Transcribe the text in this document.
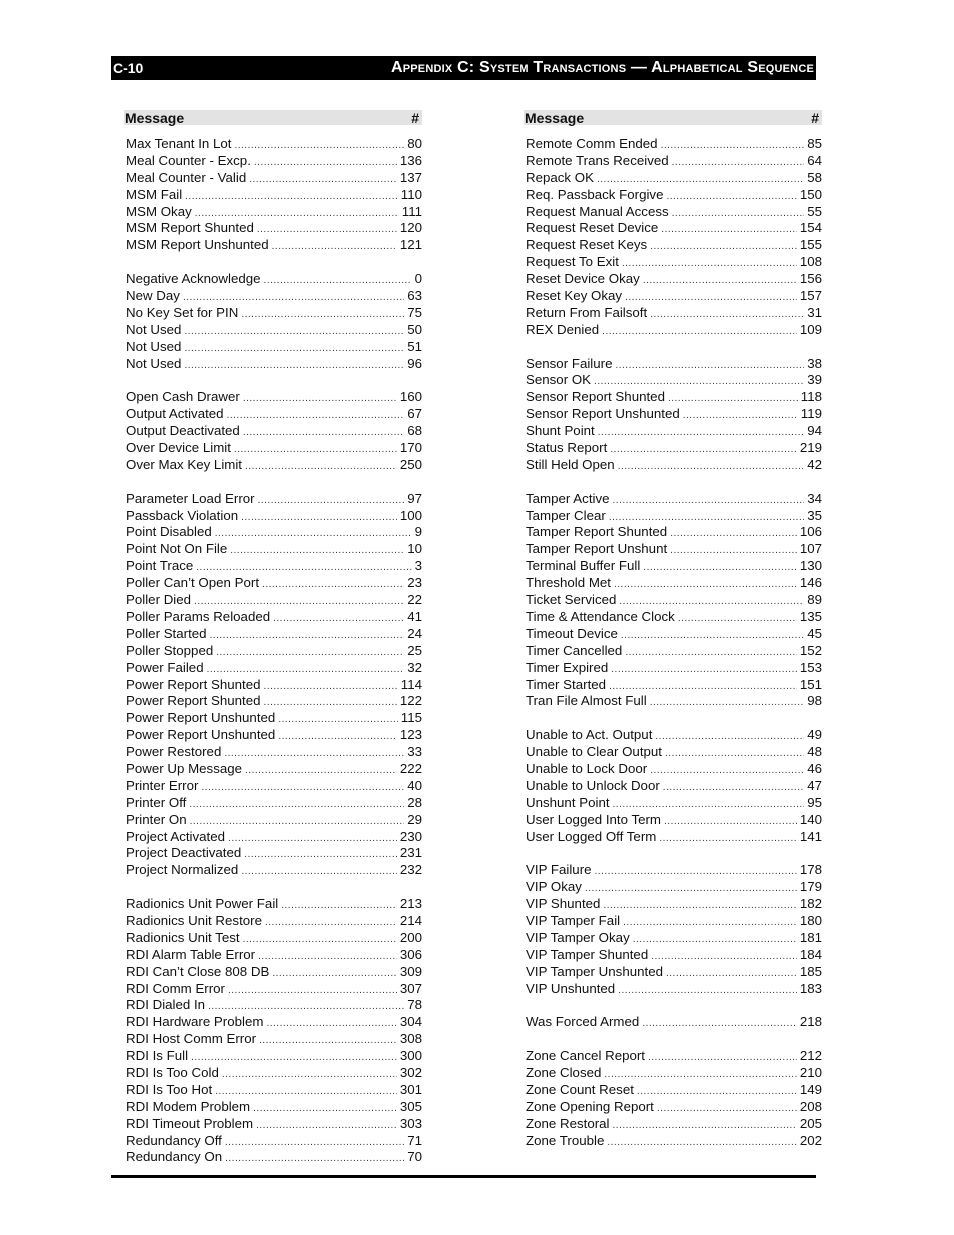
C-10	Appendix C: System Transactions — Alphabetical Sequence
Message	#
Max Tenant In Lot .....	80
Meal Counter - Excp. .....	136
Meal Counter - Valid .....	137
MSM Fail .....	110
MSM Okay .....	111
MSM Report Shunted .....	120
MSM Report Unshunted .....	121
Negative Acknowledge .....	0
New Day .....	63
No Key Set for PIN .....	75
Not Used .....	50
Not Used .....	51
Not Used .....	96
Open Cash Drawer .....	160
Output Activated .....	67
Output Deactivated .....	68
Over Device Limit .....	170
Over Max Key Limit .....	250
Parameter Load Error .....	97
Passback Violation .....	100
Point Disabled .....	9
Point Not On File .....	10
Point Trace .....	3
Poller Can’t Open Port .....	23
Poller Died .....	22
Poller Params Reloaded .....	41
Poller Started .....	24
Poller Stopped .....	25
Power Failed .....	32
Power Report Shunted .....	114
Power Report Shunted .....	122
Power Report Unshunted .....	115
Power Report Unshunted .....	123
Power Restored .....	33
Power Up Message .....	222
Printer Error .....	40
Printer Off .....	28
Printer On .....	29
Project Activated .....	230
Project Deactivated .....	231
Project Normalized .....	232
Radionics Unit Power Fail .....	213
Radionics Unit Restore .....	214
Radionics Unit Test .....	200
RDI Alarm Table Error .....	306
RDI Can’t Close 808 DB .....	309
RDI Comm Error .....	307
RDI Dialed In .....	78
RDI Hardware Problem .....	304
RDI Host Comm Error .....	308
RDI Is Full .....	300
RDI Is Too Cold .....	302
RDI Is Too Hot .....	301
RDI Modem Problem .....	305
RDI Timeout Problem .....	303
Redundancy Off .....	71
Redundancy On .....	70
Message	#
Remote Comm Ended .....	85
Remote Trans Received .....	64
Repack OK .....	58
Req. Passback Forgive .....	150
Request Manual Access .....	55
Request Reset Device .....	154
Request Reset Keys .....	155
Request To Exit .....	108
Reset Device Okay .....	156
Reset Key Okay .....	157
Return From Failsoft .....	31
REX Denied .....	109
Sensor Failure .....	38
Sensor OK .....	39
Sensor Report Shunted .....	118
Sensor Report Unshunted .....	119
Shunt Point .....	94
Status Report .....	219
Still Held Open .....	42
Tamper Active .....	34
Tamper Clear .....	35
Tamper Report Shunted .....	106
Tamper Report Unshunt .....	107
Terminal Buffer Full .....	130
Threshold Met .....	146
Ticket Serviced .....	89
Time & Attendance Clock .....	135
Timeout Device .....	45
Timer Cancelled .....	152
Timer Expired .....	153
Timer Started .....	151
Tran File Almost Full .....	98
Unable to Act. Output .....	49
Unable to Clear Output .....	48
Unable to Lock Door .....	46
Unable to Unlock Door .....	47
Unshunt Point .....	95
User Logged Into Term .....	140
User Logged Off Term .....	141
VIP Failure .....	178
VIP Okay .....	179
VIP Shunted .....	182
VIP Tamper Fail .....	180
VIP Tamper Okay .....	181
VIP Tamper Shunted .....	184
VIP Tamper Unshunted .....	185
VIP Unshunted .....	183
Was Forced Armed .....	218
Zone Cancel Report .....	212
Zone Closed .....	210
Zone Count Reset .....	149
Zone Opening Report .....	208
Zone Restoral .....	205
Zone Trouble .....	202
